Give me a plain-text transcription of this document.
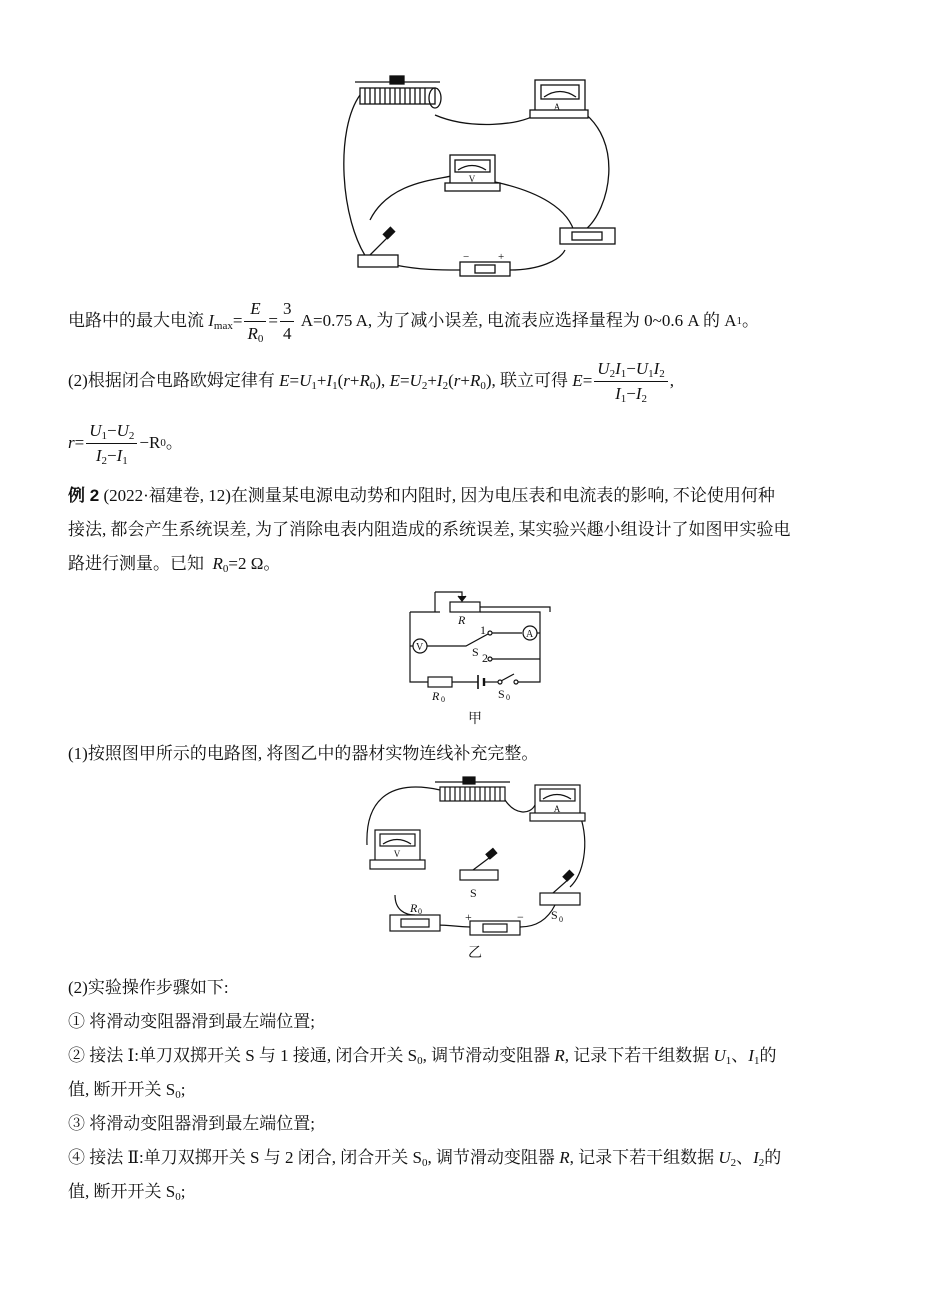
A
V
−	+
电路中的最大电流 $I_{max}= \frac{E}{R_0} = \frac{3}{4}$
A=0.75 A, 为了减小误差, 电流表应选择量程为 0~0.6 A 的 A 1 。
(2)根据闭合电路欧姆定律有 $E=U_1+I_1(r+R_0)$, $E=U_2+I_2(r+R_0)$, 联立可得 $E= \frac{U_2I_1-U_1I_2}{I_1-I_2}$ ,
$r= \frac{U_1-U_2}{I_2-I_1} -R$ 0 。
例 2 (2022·福建卷, 12)在测量某电源电动势和内阻时, 因为电压表和电流表的影响, 不论使用何种
接法, 都会产生系统误差, 为了消除电表内阻造成的系统误差, 某实验兴趣小组设计了如图甲实验电
路进行测量。已知 $R_0=2$ Ω。
R
V
A
1
S 2
R 0	S 0
甲
(1)按照图甲所示的电路图, 将图乙中的器材实物连线补充完整。
A
V
S
S 0
R 0	+	−
乙
(2)实验操作步骤如下:
① 将滑动变阻器滑到最左端位置;
② 接法 Ⅰ:单刀双掷开关 S 与 1 接通, 闭合开关 $S_0$, 调节滑动变阻器 R, 记录下若干组数据 $U_1$、$I_1$的
值, 断开开关 $S_0$;
③ 将滑动变阻器滑到最左端位置;
④ 接法 Ⅱ:单刀双掷开关 S 与 2 闭合, 闭合开关 $S_0$, 调节滑动变阻器 R, 记录下若干组数据 $U_2$、$I_2$的
值, 断开开关 $S_0$;
